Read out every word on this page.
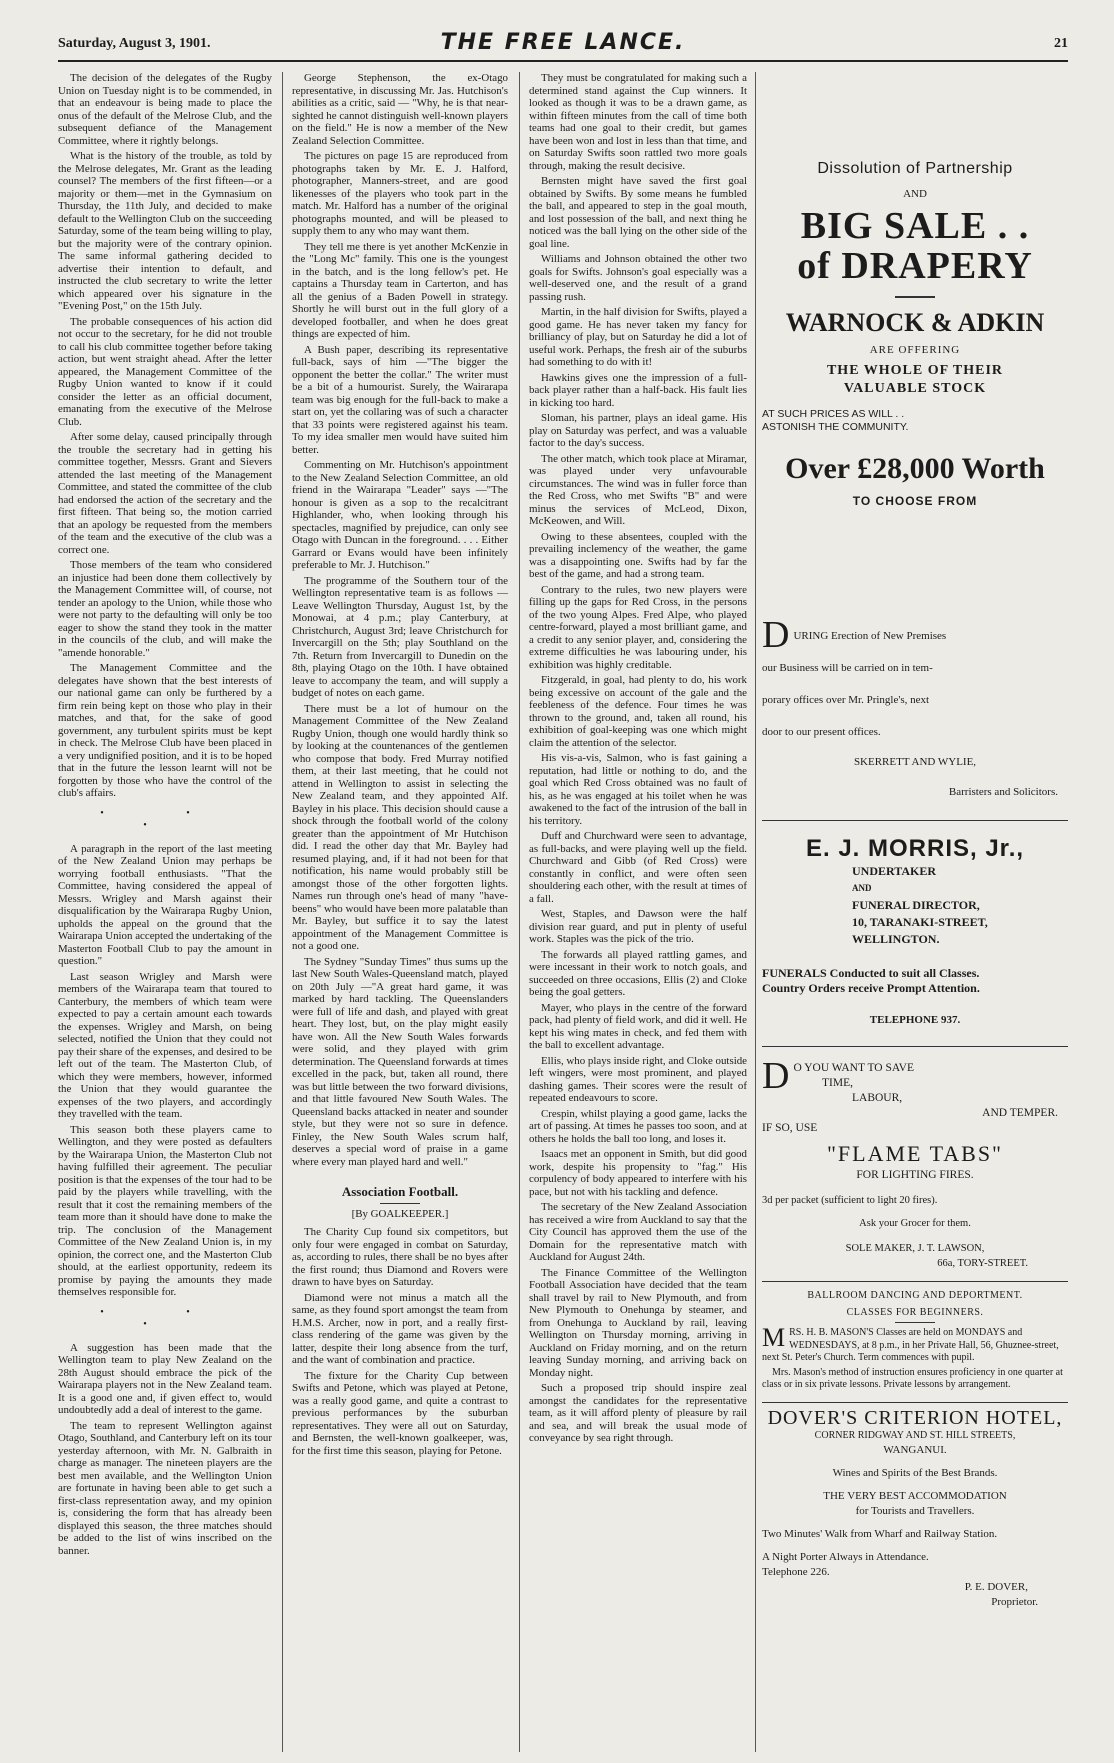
Saturday, August 3, 1901.	THE FREE LANCE.	21

The decision of the delegates of the Rugby Union on Tuesday night is to be commended, in that an endeavour is being made to place the onus of the default of the Melrose Club, and the subsequent defiance of the Management Committee, where it rightly belongs.

What is the history of the trouble, as told by the Melrose delegates, Mr. Grant as the leading counsel? The members of the first fifteen—or a majority or them—met in the Gymnasium on Thursday, the 11th July, and decided to make default to the Wellington Club on the succeeding Saturday, some of the team being willing to play, but the majority were of the contrary opinion. The same informal gathering decided to advertise their intention to default, and instructed the club secretary to write the letter which appeared over his signature in the "Evening Post," on the 15th July.

The probable consequences of his action did not occur to the secretary, for he did not trouble to call his club committee together before taking action, but went straight ahead. After the letter appeared, the Management Committee of the Rugby Union wanted to know if it could consider the letter as an official document, emanating from the executive of the Melrose Club.

After some delay, caused principally through the trouble the secretary had in getting his committee together, Messrs. Grant and Sievers attended the last meeting of the Management Committee, and stated the committee of the club had endorsed the action of the secretary and the first fifteen. That being so, the motion carried that an apology be requested from the members of the team and the executive of the club was a correct one.

Those members of the team who considered an injustice had been done them collectively by the Management Committee will, of course, not tender an apology to the Union, while those who were not party to the defaulting will only be too eager to show the stand they took in the matter in the councils of the club, and will make the "amende honorable."

The Management Committee and the delegates have shown that the best interests of our national game can only be furthered by a firm rein being kept on those who play in their matches, and that, for the sake of good government, any turbulent spirits must be kept in check. The Melrose Club have been placed in a very undignified position, and it is to be hoped that in the future the lesson learnt will not be forgotten by those who have the control of the club's affairs.

• • •

A paragraph in the report of the last meeting of the New Zealand Union may perhaps be worrying football enthusiasts. "That the Committee, having considered the appeal of Messrs. Wrigley and Marsh against their disqualification by the Wairarapa Rugby Union, upholds the appeal on the ground that the Wairarapa Union accepted the undertaking of the Masterton Football Club to pay the amount in question."

Last season Wrigley and Marsh were members of the Wairarapa team that toured to Canterbury, the members of which team were expected to pay a certain amount each towards the expenses. Wrigley and Marsh, on being selected, notified the Union that they could not pay their share of the expenses, and desired to be left out of the team. The Masterton Club, of which they were members, however, informed the Union that they would guarantee the expenses of the two players, and accordingly they travelled with the team.

This season both these players came to Wellington, and they were posted as defaulters by the Wairarapa Union, the Masterton Club not having fulfilled their agreement. The peculiar position is that the expenses of the tour had to be paid by the players while travelling, with the result that it cost the remaining members of the team more than it should have done to make the trip. The conclusion of the Management Committee of the New Zealand Union is, in my opinion, the correct one, and the Masterton Club should, at the earliest opportunity, redeem its promise by paying the amounts they made themselves responsible for.

• • •

A suggestion has been made that the Wellington team to play New Zealand on the 28th August should embrace the pick of the Wairarapa players not in the New Zealand team. It is a good one and, if given effect to, would undoubtedly add a deal of interest to the game.

The team to represent Wellington against Otago, Southland, and Canterbury left on its tour yesterday afternoon, with Mr. N. Galbraith in charge as manager. The nineteen players are the best men available, and the Wellington Union are fortunate in having been able to get such a first-class representation away, and my opinion is, considering the form that has already been displayed this season, the three matches should be added to the list of wins inscribed on the banner.

George Stephenson, the ex-Otago representative, in discussing Mr. Jas. Hutchison's abilities as a critic, said — "Why, he is that near-sighted he cannot distinguish well-known players on the field." He is now a member of the New Zealand Selection Committee.

The pictures on page 15 are reproduced from photographs taken by Mr. E. J. Halford, photographer, Manners-street, and are good likenesses of the players who took part in the match. Mr. Halford has a number of the original photographs mounted, and will be pleased to supply them to any who may want them.

They tell me there is yet another McKenzie in the "Long Mc" family. This one is the youngest in the batch, and is the long fellow's pet. He captains a Thursday team in Carterton, and has all the genius of a Baden Powell in strategy. Shortly he will burst out in the full glory of a developed footballer, and when he does great things are expected of him.

A Bush paper, describing its representative full-back, says of him —"The bigger the opponent the better the collar." The writer must be a bit of a humourist. Surely, the Wairarapa team was big enough for the full-back to make a start on, yet the collaring was of such a character that 33 points were registered against his team. To my idea smaller men would have suited him better.

Commenting on Mr. Hutchison's appointment to the New Zealand Selection Committee, an old friend in the Wairarapa "Leader" says —"The honour is given as a sop to the recalcitrant Highlander, who, when looking through his spectacles, magnified by prejudice, can only see Otago with Duncan in the foreground. . . . Either Garrard or Evans would have been infinitely preferable to Mr. J. Hutchison."

The programme of the Southern tour of the Wellington representative team is as follows —Leave Wellington Thursday, August 1st, by the Monowai, at 4 p.m.; play Canterbury, at Christchurch, August 3rd; leave Christchurch for Invercargill on the 5th; play Southland on the 7th. Return from Invercargill to Dunedin on the 8th, playing Otago on the 10th. I have obtained leave to accompany the team, and will supply a budget of notes on each game.

There must be a lot of humour on the Management Committee of the New Zealand Rugby Union, though one would hardly think so by looking at the countenances of the gentlemen who compose that body. Fred Murray notified them, at their last meeting, that he could not attend in Wellington to assist in selecting the New Zealand team, and they appointed Alf. Bayley in his place. This decision should cause a shock through the football world of the colony greater than the appointment of Mr Hutchison did. I read the other day that Mr. Bayley had resumed playing, and, if it had not been for that notification, his name would probably still be amongst those of the other forgotten lights. Names run through one's head of many "have-beens" who would have been more palatable than Mr. Bayley, but suffice it to say the latest appointment of the Management Committee is not a good one.

The Sydney "Sunday Times" thus sums up the last New South Wales-Queensland match, played on 20th July —"A great hard game, it was marked by hard tackling. The Queenslanders were full of life and dash, and played with great heart. They lost, but, on the play might easily have won. All the New South Wales forwards were solid, and they played with grim determination. The Queensland forwards at times excelled in the pack, but, taken all round, there was but little between the two forward divisions, and that little favoured New South Wales. The Queensland backs attacked in neater and sounder style, but they were not so sure in defence. Finley, the New South Wales scrum half, deserves a special word of praise in a game where every man played hard and well."

Association Football.
[By GOALKEEPER.]

The Charity Cup found six competitors, but only four were engaged in combat on Saturday, as, according to rules, there shall be no byes after the first round; thus Diamond and Rovers were drawn to have byes on Saturday.

Diamond were not minus a match all the same, as they found sport amongst the team from H.M.S. Archer, now in port, and a really first-class rendering of the game was given by the latter, despite their long absence from the turf, and the want of combination and practice.

The fixture for the Charity Cup between Swifts and Petone, which was played at Petone, was a really good game, and quite a contrast to previous performances by the suburban representatives. They were all out on Saturday, and Bernsten, the well-known goalkeeper, was, for the first time this season, playing for Petone.

They must be congratulated for making such a determined stand against the Cup winners. It looked as though it was to be a drawn game, as within fifteen minutes from the call of time both teams had one goal to their credit, but games have been won and lost in less than that time, and on Saturday Swifts soon rattled two more goals through, making the result decisive.

Bernsten might have saved the first goal obtained by Swifts. By some means he fumbled the ball, and appeared to step in the goal mouth, and lost possession of the ball, and next thing he noticed was the ball lying on the other side of the goal line.

Williams and Johnson obtained the other two goals for Swifts. Johnson's goal especially was a well-deserved one, and the result of a grand passing rush.

Martin, in the half division for Swifts, played a good game. He has never taken my fancy for brilliancy of play, but on Saturday he did a lot of useful work. Perhaps, the fresh air of the suburbs had something to do with it!

Hawkins gives one the impression of a full-back player rather than a half-back. His fault lies in kicking too hard.

Sloman, his partner, plays an ideal game. His play on Saturday was perfect, and was a valuable factor to the day's success.

The other match, which took place at Miramar, was played under very unfavourable circumstances. The wind was in fuller force than the Red Cross, who met Swifts "B" and were minus the services of McLeod, Dixon, McKeowen, and Will.

Owing to these absentees, coupled with the prevailing inclemency of the weather, the game was a disappointing one. Swifts had by far the best of the game, and had a strong team.

Contrary to the rules, two new players were filling up the gaps for Red Cross, in the persons of the two young Alpes. Fred Alpe, who played centre-forward, played a most brilliant game, and a credit to any senior player, and, considering the extreme difficulties he was labouring under, his exhibition was highly creditable.

Fitzgerald, in goal, had plenty to do, his work being excessive on account of the gale and the feebleness of the defence. Four times he was thrown to the ground, and, taken all round, his exhibition of goal-keeping was one which might claim the attention of the selector.

His vis-a-vis, Salmon, who is fast gaining a reputation, had little or nothing to do, and the goal which Red Cross obtained was no fault of his, as he was engaged at his toilet when he was awakened to the fact of the intrusion of the ball in his territory.

Duff and Churchward were seen to advantage, as full-backs, and were playing well up the field. Churchward and Gibb (of Red Cross) were constantly in conflict, and were often seen shouldering each other, with the result at times of a fall.

West, Staples, and Dawson were the half division rear guard, and put in plenty of useful work. Staples was the pick of the trio.

The forwards all played rattling games, and were incessant in their work to notch goals, and succeeded on three occasions, Ellis (2) and Cloke being the goal getters.

Mayer, who plays in the centre of the forward pack, had plenty of field work, and did it well. He kept his wing mates in check, and fed them with the ball to excellent advantage.

Ellis, who plays inside right, and Cloke outside left wingers, were most prominent, and played dashing games. Their scores were the result of repeated endeavours to score.

Crespin, whilst playing a good game, lacks the art of passing. At times he passes too soon, and at others he holds the ball too long, and loses it.

Isaacs met an opponent in Smith, but did good work, despite his propensity to "fag." His corpulency of body appeared to interfere with his pace, but not with his tackling and defence.

The secretary of the New Zealand Association has received a wire from Auckland to say that the City Council has approved them the use of the Domain for the representative match with Auckland for August 24th.

The Finance Committee of the Wellington Football Association have decided that the team shall travel by rail to New Plymouth, and from New Plymouth to Onehunga by steamer, and from Onehunga to Auckland by rail, leaving Wellington on Thursday morning, arriving in Auckland on Friday morning, and on the return leaving Sunday morning, and arriving back on Monday night.

Such a proposed trip should inspire zeal amongst the candidates for the representative team, as it will afford plenty of pleasure by rail and sea, and will break the usual mode of conveyance by sea right through.

Dissolution of Partnership
AND
BIG SALE . .
of DRAPERY
WARNOCK & ADKIN
ARE OFFERING
THE WHOLE OF THEIR
VALUABLE STOCK
AT SUCH PRICES AS WILL . .
ASTONISH THE COMMUNITY.
Over £28,000 Worth
TO CHOOSE FROM
DURING Erection of New Premises
our Business will be carried on in tem-
porary offices over Mr. Pringle's, next
door to our present offices.
SKERRETT AND WYLIE,
Barristers and Solicitors.
E. J. MORRIS, Jr.,
UNDERTAKER
AND
FUNERAL DIRECTOR,
10, TARANAKI-STREET,
WELLINGTON.
FUNERALS Conducted to suit all Classes.
Country Orders receive Prompt Attention.
TELEPHONE 937.
D O YOU WANT TO SAVE
TIME,
LABOUR,
AND TEMPER.
IF SO, USE
"FLAME TABS"
FOR LIGHTING FIRES.
3d per packet (sufficient to light 20 fires).
Ask your Grocer for them.
SOLE MAKER, J. T. LAWSON,
66a, TORY-STREET.
BALLROOM DANCING AND DEPORTMENT.
CLASSES FOR BEGINNERS.
MRS. H. B. MASON'S Classes are held on MONDAYS and WEDNESDAYS, at 8 p.m., in her Private Hall, 56, Ghuznee-street, next St. Peter's Church. Term commences with pupil.
Mrs. Mason's method of instruction ensures proficiency in one quarter at class or in six private lessons. Private lessons by arrangement.
DOVER'S CRITERION HOTEL,
CORNER RIDGWAY AND ST. HILL STREETS,
WANGANUI.
Wines and Spirits of the Best Brands.
THE VERY BEST ACCOMMODATION
for Tourists and Travellers.
Two Minutes' Walk from Wharf and Railway Station.
A Night Porter Always in Attendance.
Telephone 226.
P. E. DOVER,
Proprietor.
